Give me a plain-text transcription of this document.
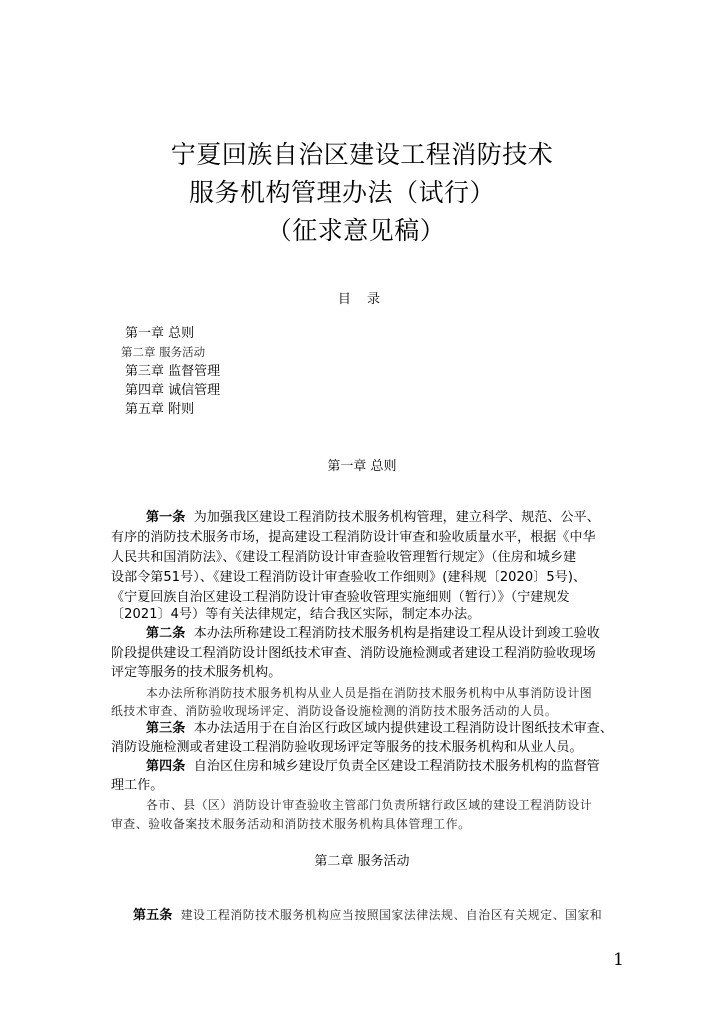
宁夏回族自治区建设工程消防技术
服务机构管理办法（试行）
（征求意见稿）
目 录
第一章 总则
第二章 服务活动
第三章 监督管理
第四章 诚信管理
第五章 附则
第一章 总则
第一条 为加强我区建设工程消防技术服务机构管理，建立科学、规范、公平、
有序的消防技术服务市场，提高建设工程消防设计审查和验收质量水平，根据《中华
人民共和国消防法》、《建设工程消防设计审查验收管理暂行规定》（住房和城乡建
设部令第51号）、《建设工程消防设计审查验收工作细则》(建科规〔2020〕5号)、
《宁夏回族自治区建设工程消防设计审查验收管理实施细则（暂行）》（宁建规发
〔2021〕4号）等有关法律规定，结合我区实际，制定本办法。
第二条 本办法所称建设工程消防技术服务机构是指建设工程从设计到竣工验收
阶段提供建设工程消防设计图纸技术审查、消防设施检测或者建设工程消防验收现场
评定等服务的技术服务机构。
本办法所称消防技术服务机构从业人员是指在消防技术服务机构中从事消防设计图
纸技术审查、消防验收现场评定、消防设备设施检测的消防技术服务活动的人员。
第三条 本办法适用于在自治区行政区域内提供建设工程消防设计图纸技术审查、
消防设施检测或者建设工程消防验收现场评定等服务的技术服务机构和从业人员。
第四条 自治区住房和城乡建设厅负责全区建设工程消防技术服务机构的监督管
理工作。
各市、县（区）消防设计审查验收主管部门负责所辖行政区域的建设工程消防设计
审查、验收备案技术服务活动和消防技术服务机构具体管理工作。
第二章 服务活动
第五条 建设工程消防技术服务机构应当按照国家法律法规、自治区有关规定、国家和
1
